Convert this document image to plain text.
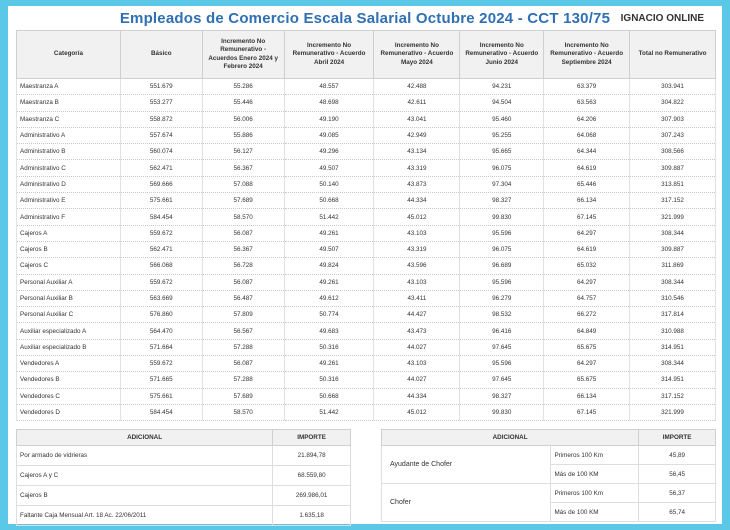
Empleados de Comercio Escala Salarial Octubre 2024 - CCT 130/75	IGNACIO ONLINE
Categoría	Básico	Incremento No Remunerativo - Acuerdos Enero 2024 y Febrero 2024	Incremento No Remunerativo - Acuerdo Abril 2024	Incremento No Remunerativo - Acuerdo Mayo 2024	Incremento No Remunerativo - Acuerdo Junio 2024	Incremento No Remunerativo - Acuerdo Septiembre 2024	Total no Remunerativo
Maestranza A	551.679	55.286	48.557	42.488	94.231	63.379	303.941
Maestranza B	553.277	55.446	48.698	42.611	94.504	63.563	304.822
Maestranza C	558.872	56.006	49.190	43.041	95.460	64.206	307.903
Administrativo A	557.674	55.886	49.085	42.949	95.255	64.068	307.243
Administrativo B	560.074	56.127	49.296	43.134	95.665	64.344	308.566
Administrativo C	562.471	56.367	49.507	43.319	96.075	64.619	309.887
Administrativo D	569.666	57.088	50.140	43.873	97.304	65.446	313.851
Administrativo E	575.661	57.689	50.668	44.334	98.327	66.134	317.152
Administrativo F	584.454	58.570	51.442	45.012	99.830	67.145	321.999
Cajeros A	559.672	56.087	49.261	43.103	95.596	64.297	308.344
Cajeros B	562.471	56.367	49.507	43.319	96.075	64.619	309.887
Cajeros C	566.068	56.728	49.824	43.596	96.689	65.032	311.869
Personal Auxiliar A	559.672	56.087	49.261	43.103	95.596	64.297	308.344
Personal Auxiliar B	563.669	56.487	49.612	43.411	96.279	64.757	310.546
Personal Auxiliar C	576.860	57.809	50.774	44.427	98.532	66.272	317.814
Auxiliar especializado A	564.470	56.567	49.683	43.473	96.416	64.849	310.988
Auxiliar especializado B	571.664	57.288	50.316	44.027	97.645	65.675	314.951
Vendedores A	559.672	56.087	49.261	43.103	95.596	64.297	308.344
Vendedores B	571.665	57.288	50.316	44.027	97.645	65.675	314.951
Vendedores C	575.661	57.689	50.668	44.334	98.327	66.134	317.152
Vendedores D	584.454	58.570	51.442	45.012	99.830	67.145	321.999
ADICIONAL	IMPORTE
Por armado de vidrieras	21.894,78
Cajeros A y C	68.559,80
Cajeros B	269.986,01
Faltante Caja Mensual Art. 18 Ac. 22/06/2011	1.635,18
ADICIONAL		IMPORTE
Ayudante de Chofer	Primeros 100 Km	45,89
	Más de 100 KM	56,45
Chofer	Primeros 100 Km	56,37
	Más de 100 KM	65,74
